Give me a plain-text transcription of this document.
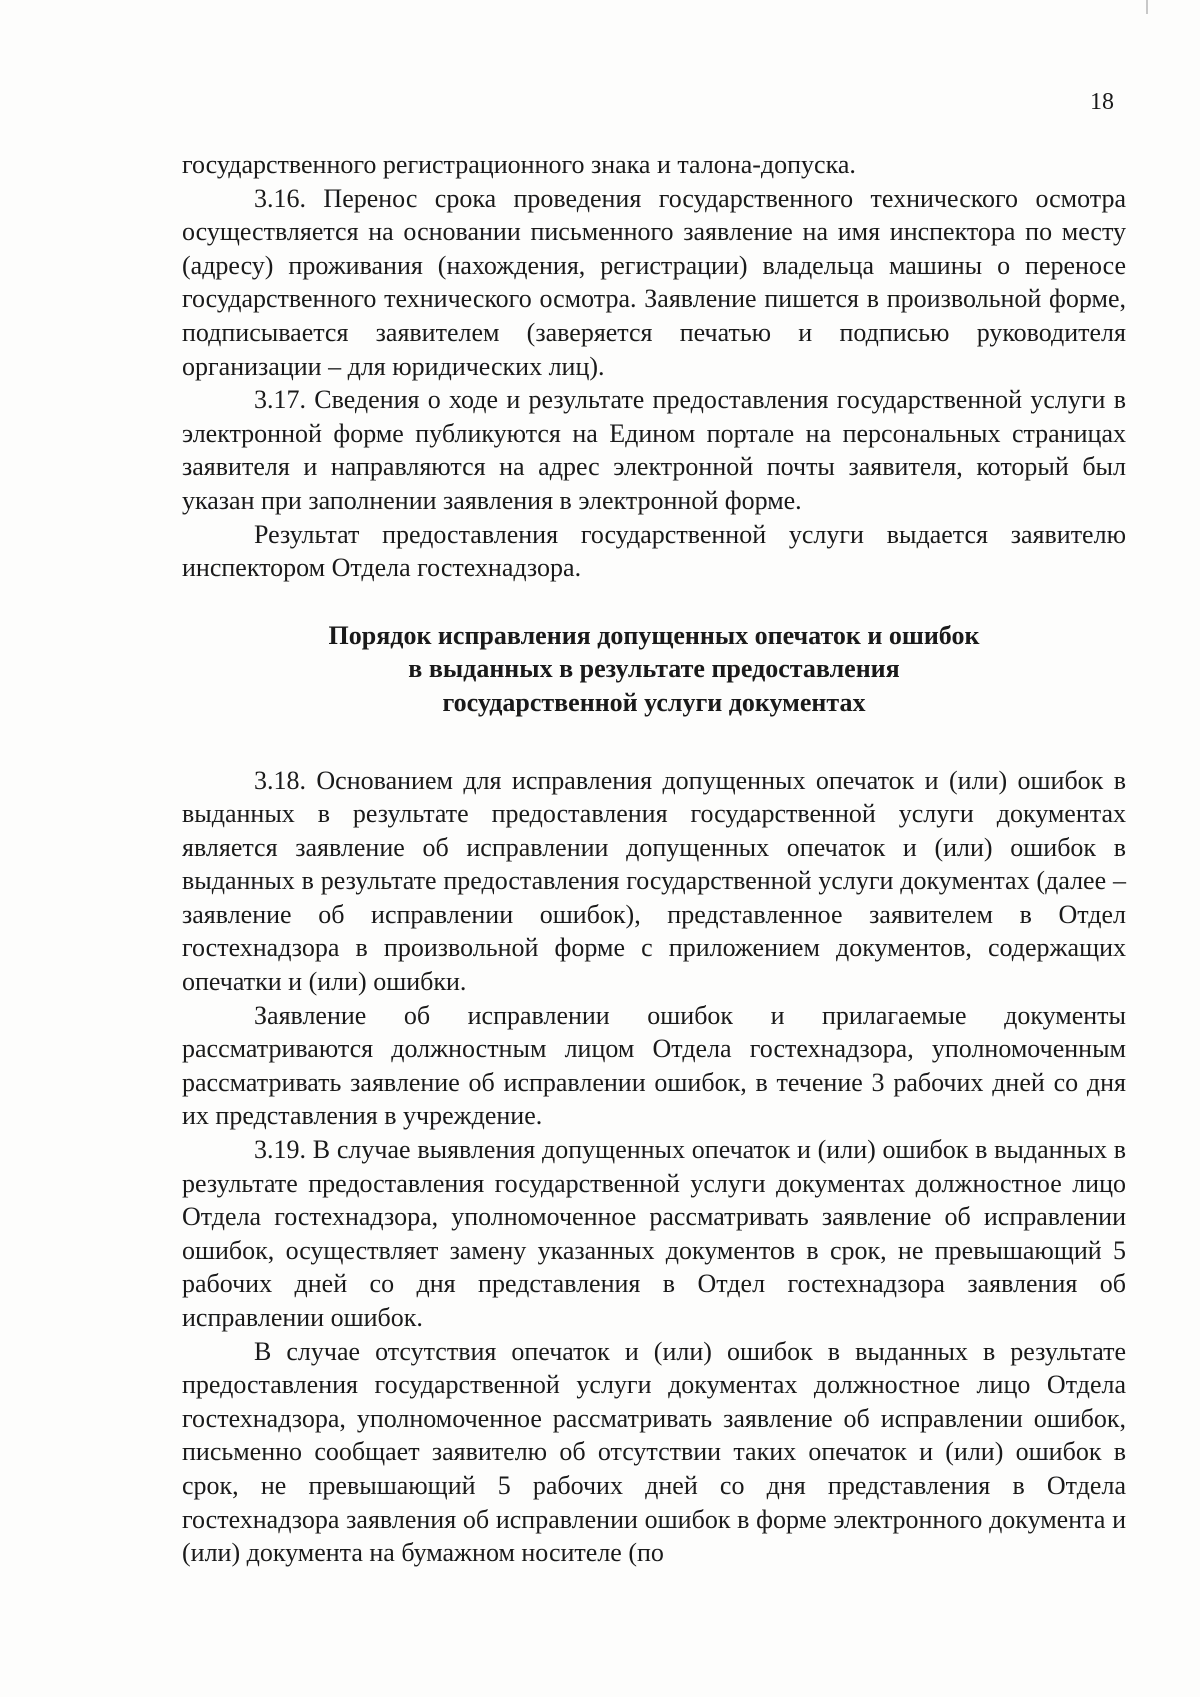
18

государственного регистрационного знака и талона-допуска.

3.16. Перенос срока проведения государственного технического осмотра осуществляется на основании письменного заявление на имя инспектора по месту (адресу) проживания (нахождения, регистрации) владельца машины о переносе государственного технического осмотра. Заявление пишется в произвольной форме, подписывается заявителем (заверяется печатью и подписью руководителя организации – для юридических лиц).

3.17. Сведения о ходе и результате предоставления государственной услуги в электронной форме публикуются на Едином портале на персональных страницах заявителя и направляются на адрес электронной почты заявителя, который был указан при заполнении заявления в электронной форме.

Результат предоставления государственной услуги выдается заявителю инспектором Отдела гостехнадзора.

Порядок исправления допущенных опечаток и ошибок
в выданных в результате предоставления
государственной услуги документах

3.18. Основанием для исправления допущенных опечаток и (или) ошибок в выданных в результате предоставления государственной услуги документах является заявление об исправлении допущенных опечаток и (или) ошибок в выданных в результате предоставления государственной услуги документах (далее – заявление об исправлении ошибок), представленное заявителем в Отдел гостехнадзора в произвольной форме с приложением документов, содержащих опечатки и (или) ошибки.

Заявление об исправлении ошибок и прилагаемые документы рассматриваются должностным лицом Отдела гостехнадзора, уполномоченным рассматривать заявление об исправлении ошибок, в течение 3 рабочих дней со дня их представления в учреждение.

3.19. В случае выявления допущенных опечаток и (или) ошибок в выданных в результате предоставления государственной услуги документах должностное лицо Отдела гостехнадзора, уполномоченное рассматривать заявление об исправлении ошибок, осуществляет замену указанных документов в срок, не превышающий 5 рабочих дней со дня представления в Отдел гостехнадзора заявления об исправлении ошибок.

В случае отсутствия опечаток и (или) ошибок в выданных в результате предоставления государственной услуги документах должностное лицо Отдела гостехнадзора, уполномоченное рассматривать заявление об исправлении ошибок, письменно сообщает заявителю об отсутствии таких опечаток и (или) ошибок в срок, не превышающий 5 рабочих дней со дня представления в Отдела гостехнадзора заявления об исправлении ошибок в форме электронного документа и (или) документа на бумажном носителе (по
